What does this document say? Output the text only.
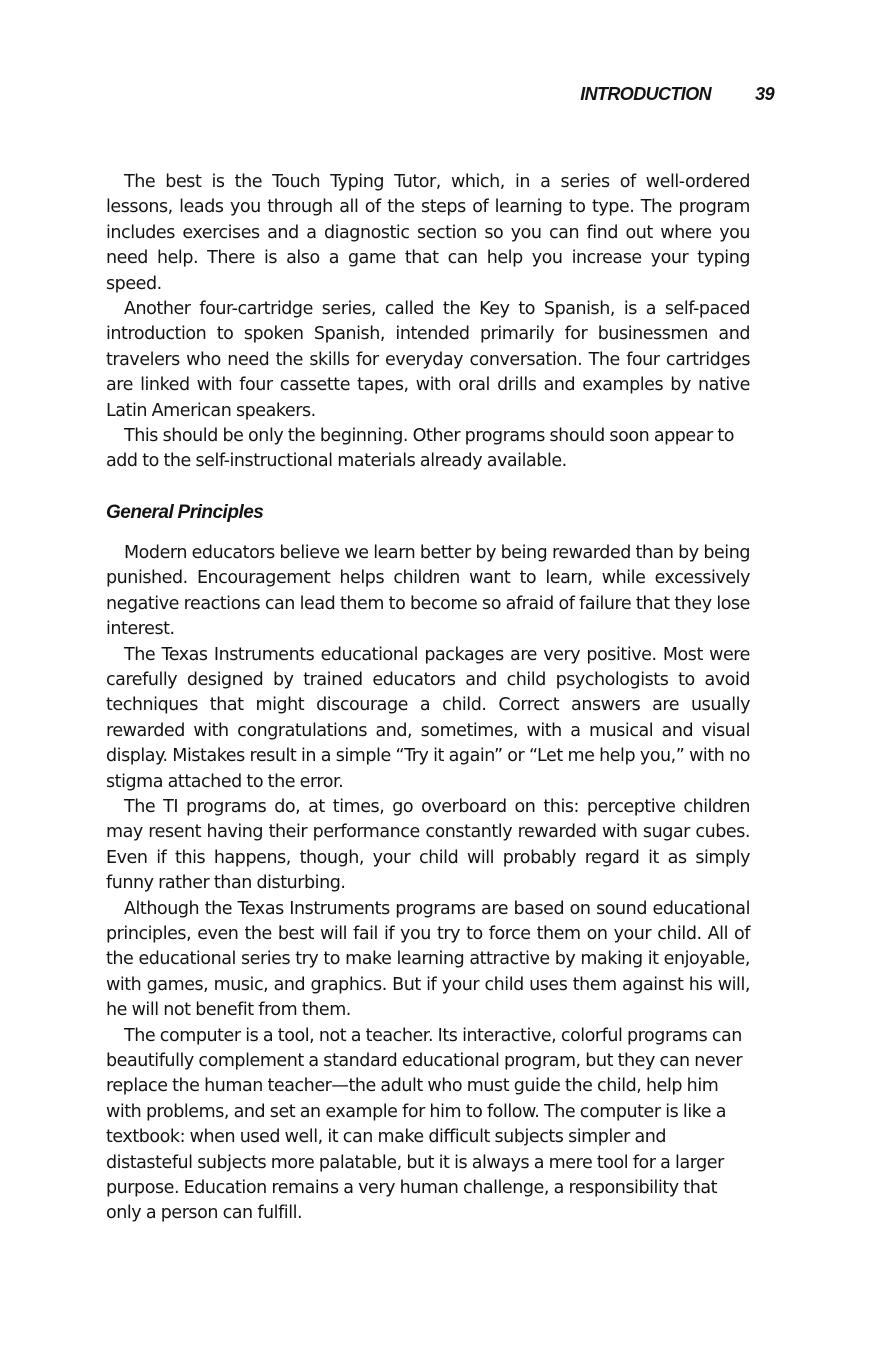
INTRODUCTION 39

The best is the Touch Typing Tutor, which, in a series of well-ordered lessons, leads you through all of the steps of learning to type. The program includes exercises and a diagnostic section so you can find out where you need help. There is also a game that can help you increase your typing speed.

Another four-cartridge series, called the Key to Spanish, is a self-paced introduction to spoken Spanish, intended primarily for businessmen and travelers who need the skills for everyday conversation. The four cartridges are linked with four cassette tapes, with oral drills and examples by native Latin American speakers.

This should be only the beginning. Other programs should soon appear to add to the self-instructional materials already available.

General Principles

Modern educators believe we learn better by being rewarded than by being punished. Encouragement helps children want to learn, while excessively negative reactions can lead them to become so afraid of failure that they lose interest.

The Texas Instruments educational packages are very positive. Most were carefully designed by trained educators and child psychologists to avoid techniques that might discourage a child. Correct answers are usually rewarded with congratulations and, sometimes, with a musical and visual display. Mistakes result in a simple “Try it again” or “Let me help you,” with no stigma attached to the error.

The TI programs do, at times, go overboard on this: perceptive children may resent having their performance constantly rewarded with sugar cubes. Even if this happens, though, your child will probably regard it as simply funny rather than disturbing.

Although the Texas Instruments programs are based on sound educational principles, even the best will fail if you try to force them on your child. All of the educational series try to make learning attractive by making it enjoyable, with games, music, and graphics. But if your child uses them against his will, he will not benefit from them.

The computer is a tool, not a teacher. Its interactive, colorful programs can beautifully complement a standard educational program, but they can never replace the human teacher—the adult who must guide the child, help him with problems, and set an example for him to follow. The computer is like a textbook: when used well, it can make difficult subjects simpler and distasteful subjects more palatable, but it is always a mere tool for a larger purpose. Education remains a very human challenge, a responsibility that only a person can fulfill.
